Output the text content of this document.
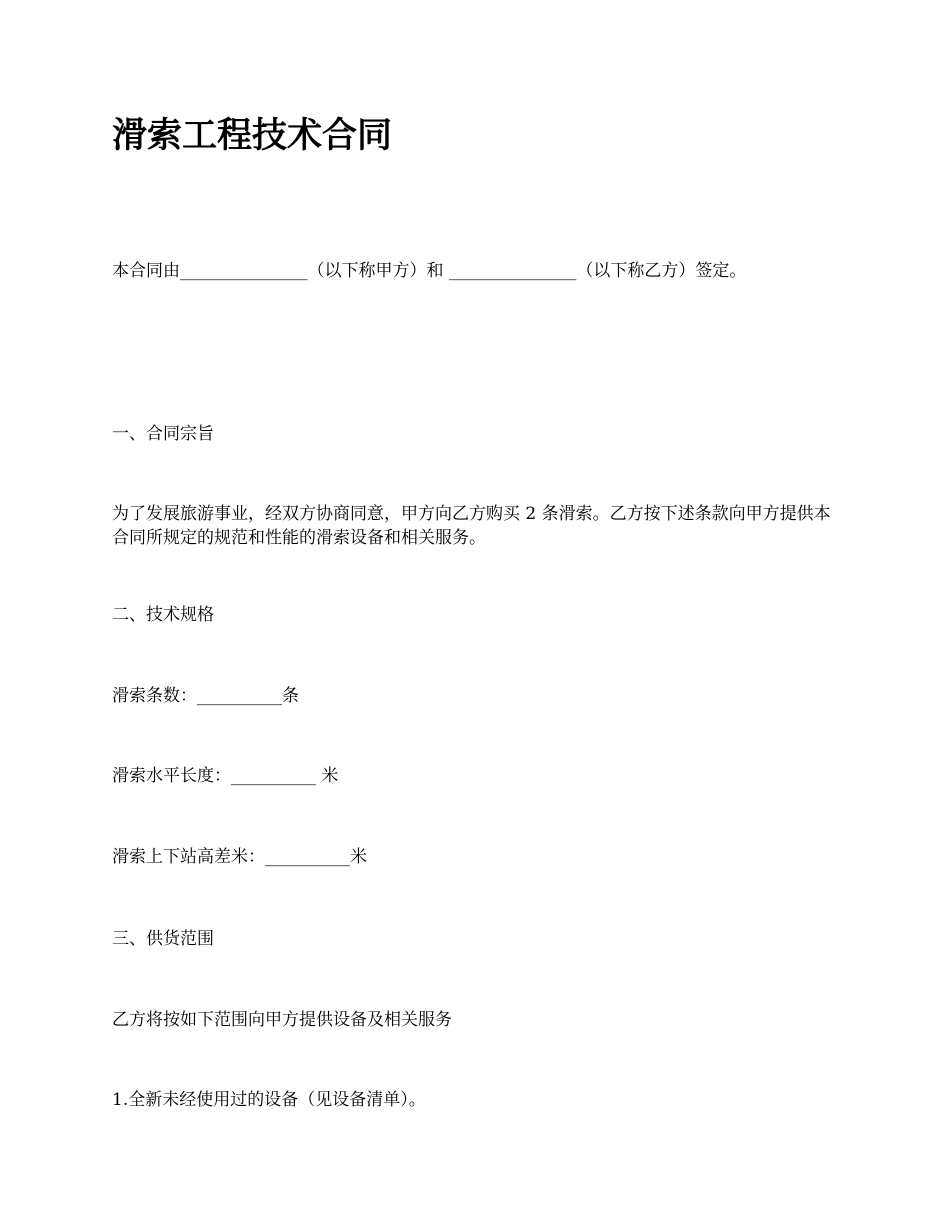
滑索工程技术合同

本合同由_______________（以下称甲方）和 _______________（以下称乙方）签定。

一、合同宗旨

为了发展旅游事业，经双方协商同意，甲方向乙方购买 2 条滑索。乙方按下述条款向甲方提供本合同所规定的规范和性能的滑索设备和相关服务。

二、技术规格

滑索条数：__________条

滑索水平长度：__________ 米

滑索上下站高差米：__________米

三、供货范围

乙方将按如下范围向甲方提供设备及相关服务

1.全新未经使用过的设备（见设备清单）。
